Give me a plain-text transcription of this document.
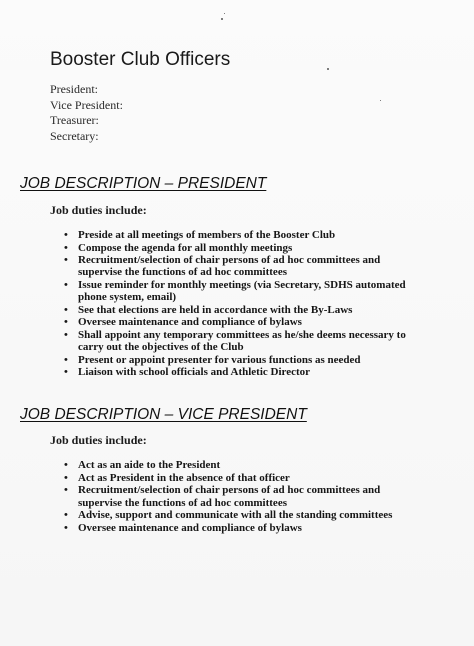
Booster Club Officers
President:
Vice President:
Treasurer:
Secretary:
JOB DESCRIPTION – PRESIDENT
Job duties include:
• Preside at all meetings of members of the Booster Club
• Compose the agenda for all monthly meetings
• Recruitment/selection of chair persons of ad hoc committees and supervise the functions of ad hoc committees
• Issue reminder for monthly meetings (via Secretary, SDHS automated phone system, email)
• See that elections are held in accordance with the By-Laws
• Oversee maintenance and compliance of bylaws
• Shall appoint any temporary committees as he/she deems necessary to carry out the objectives of the Club
• Present or appoint presenter for various functions as needed
• Liaison with school officials and Athletic Director
JOB DESCRIPTION – VICE PRESIDENT
Job duties include:
• Act as an aide to the President
• Act as President in the absence of that officer
• Recruitment/selection of chair persons of ad hoc committees and supervise the functions of ad hoc committees
• Advise, support and communicate with all the standing committees
• Oversee maintenance and compliance of bylaws
